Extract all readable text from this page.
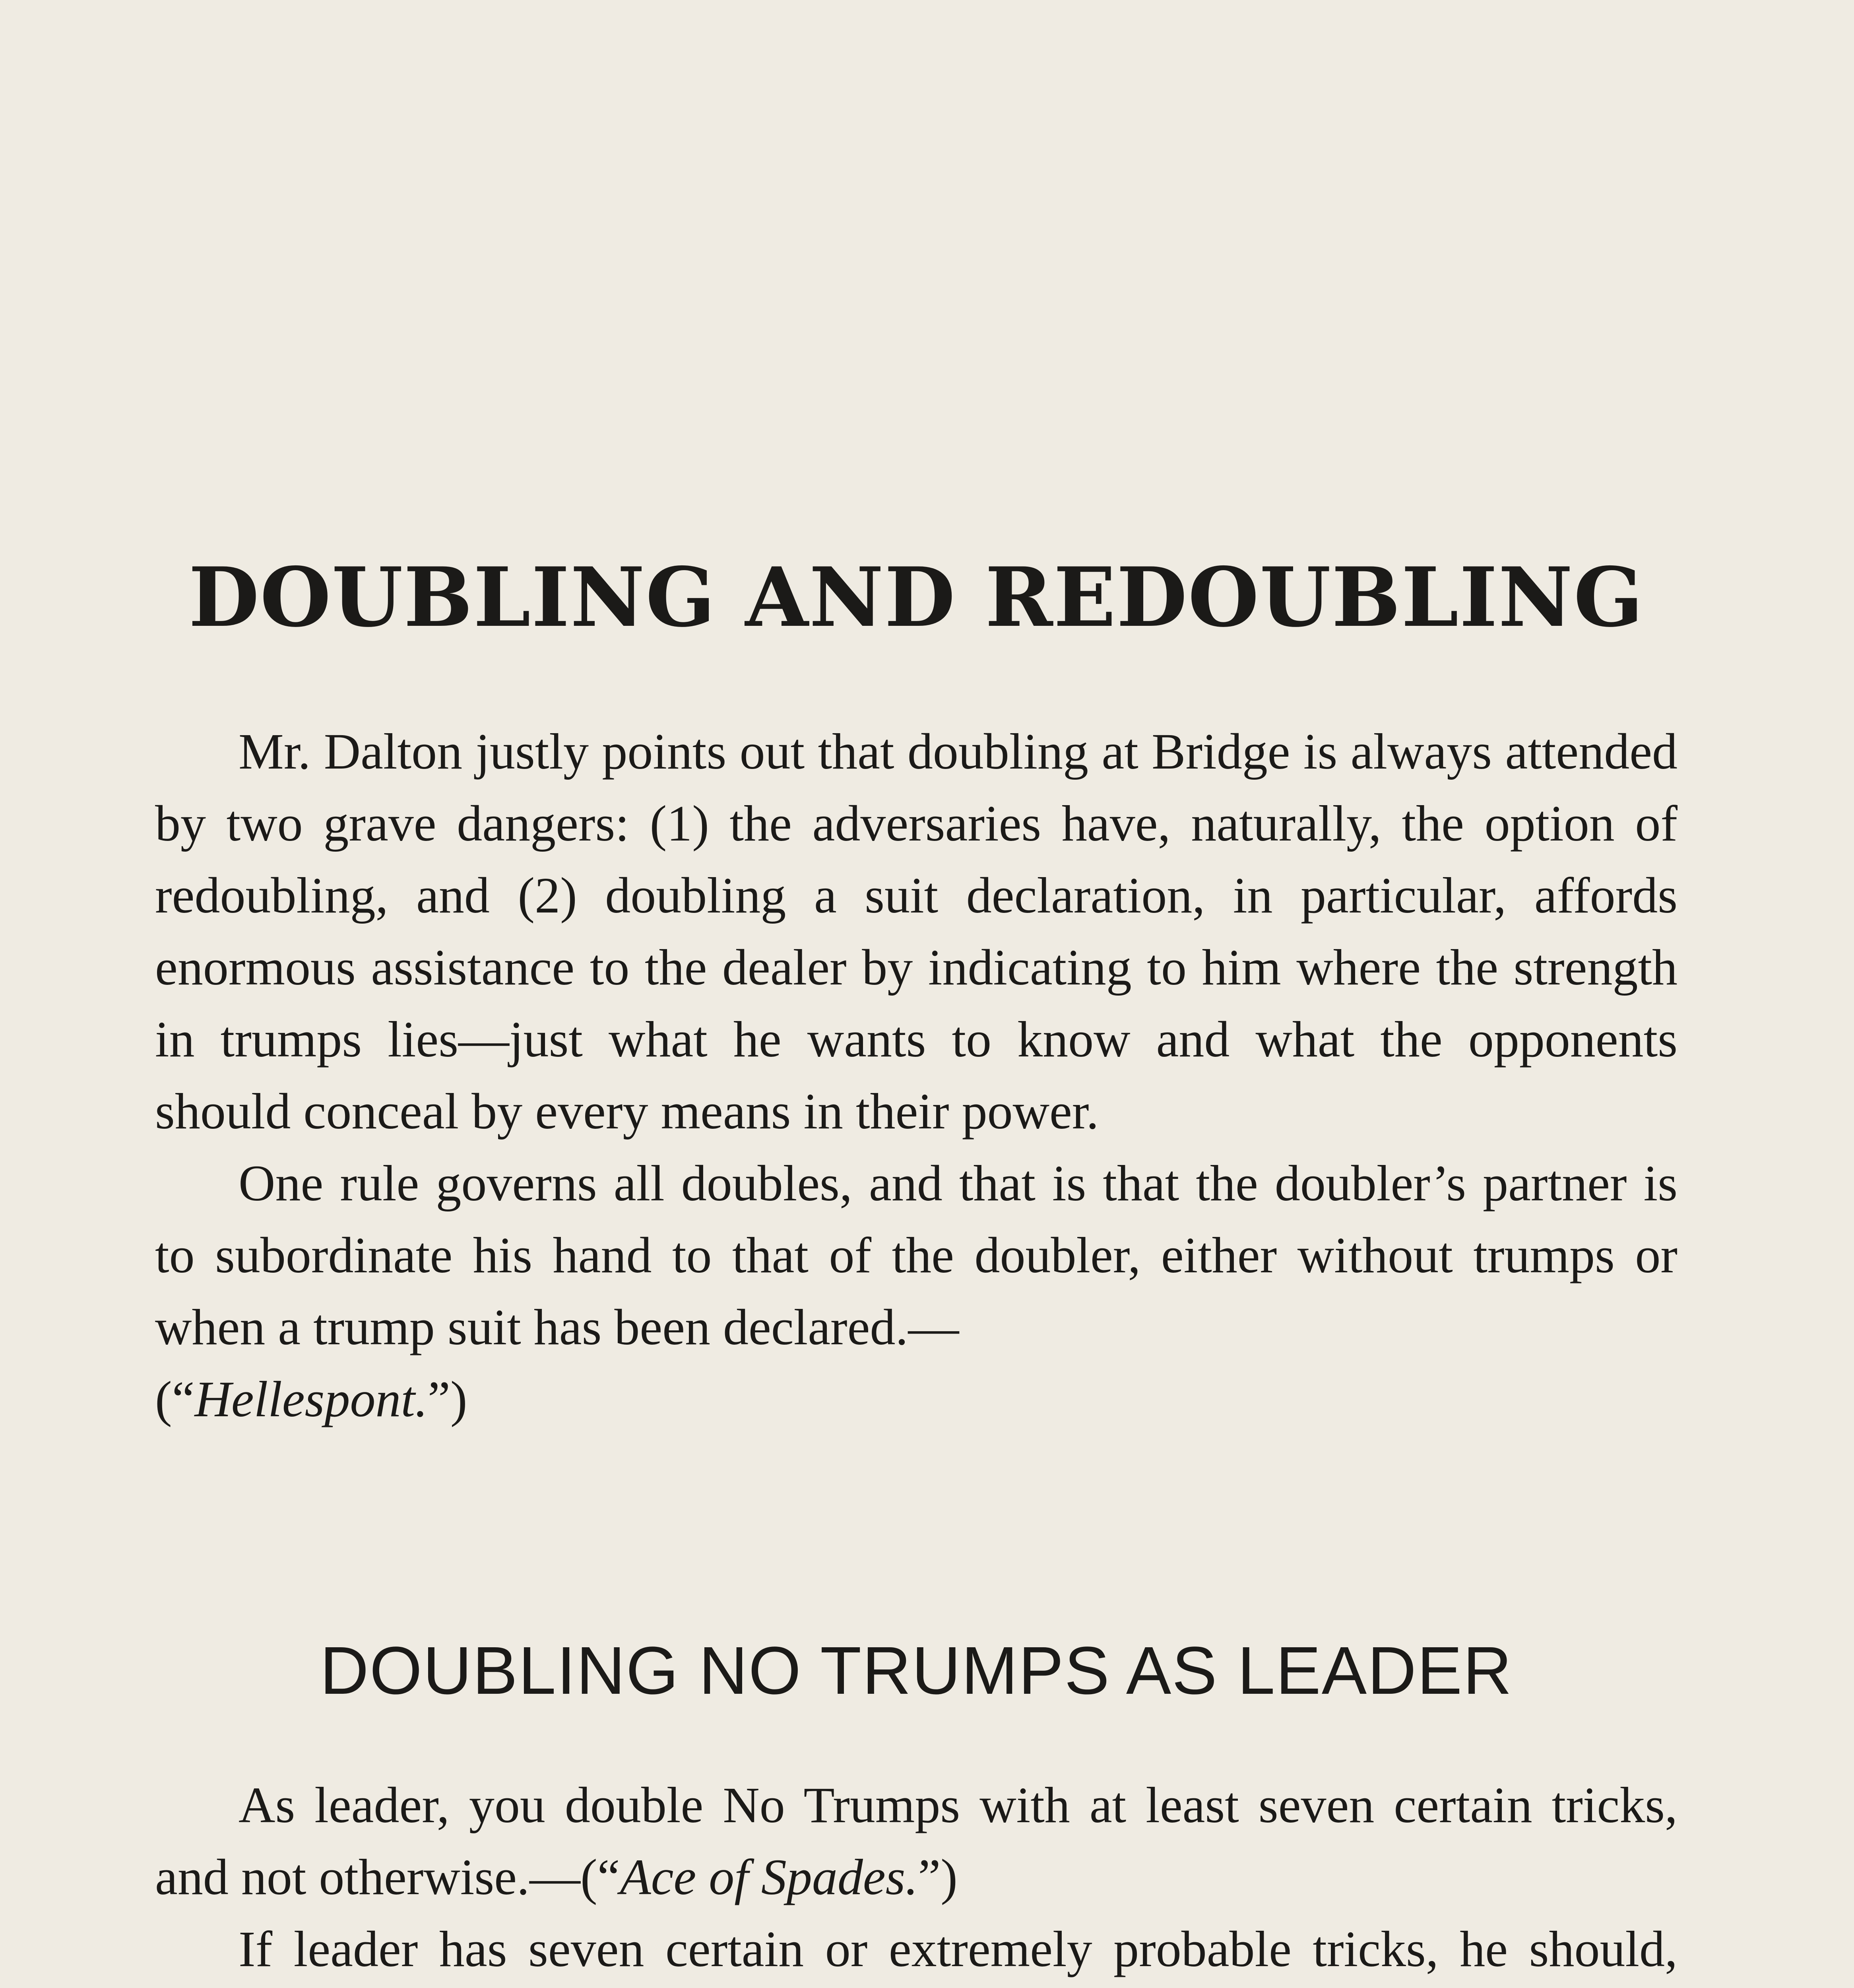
DOUBLING AND REDOUBLING

Mr. Dalton justly points out that doubling at Bridge is always attended by two grave dangers: (1) the adversaries have, naturally, the option of redoubling, and (2) doubling a suit declaration, in particular, affords enormous assistance to the dealer by indicating to him where the strength in trumps lies—just what he wants to know and what the opponents should conceal by every means in their power.

One rule governs all doubles, and that is that the doubler’s partner is to subordinate his hand to that of the doubler, either without trumps or when a trump suit has been declared.—
(“Hellespont.”)

DOUBLING NO TRUMPS AS LEADER

As leader, you double No Trumps with at least seven certain tricks, and not otherwise.—(“Ace of Spades.”)

If leader has seven certain or extremely probable tricks, he should,
